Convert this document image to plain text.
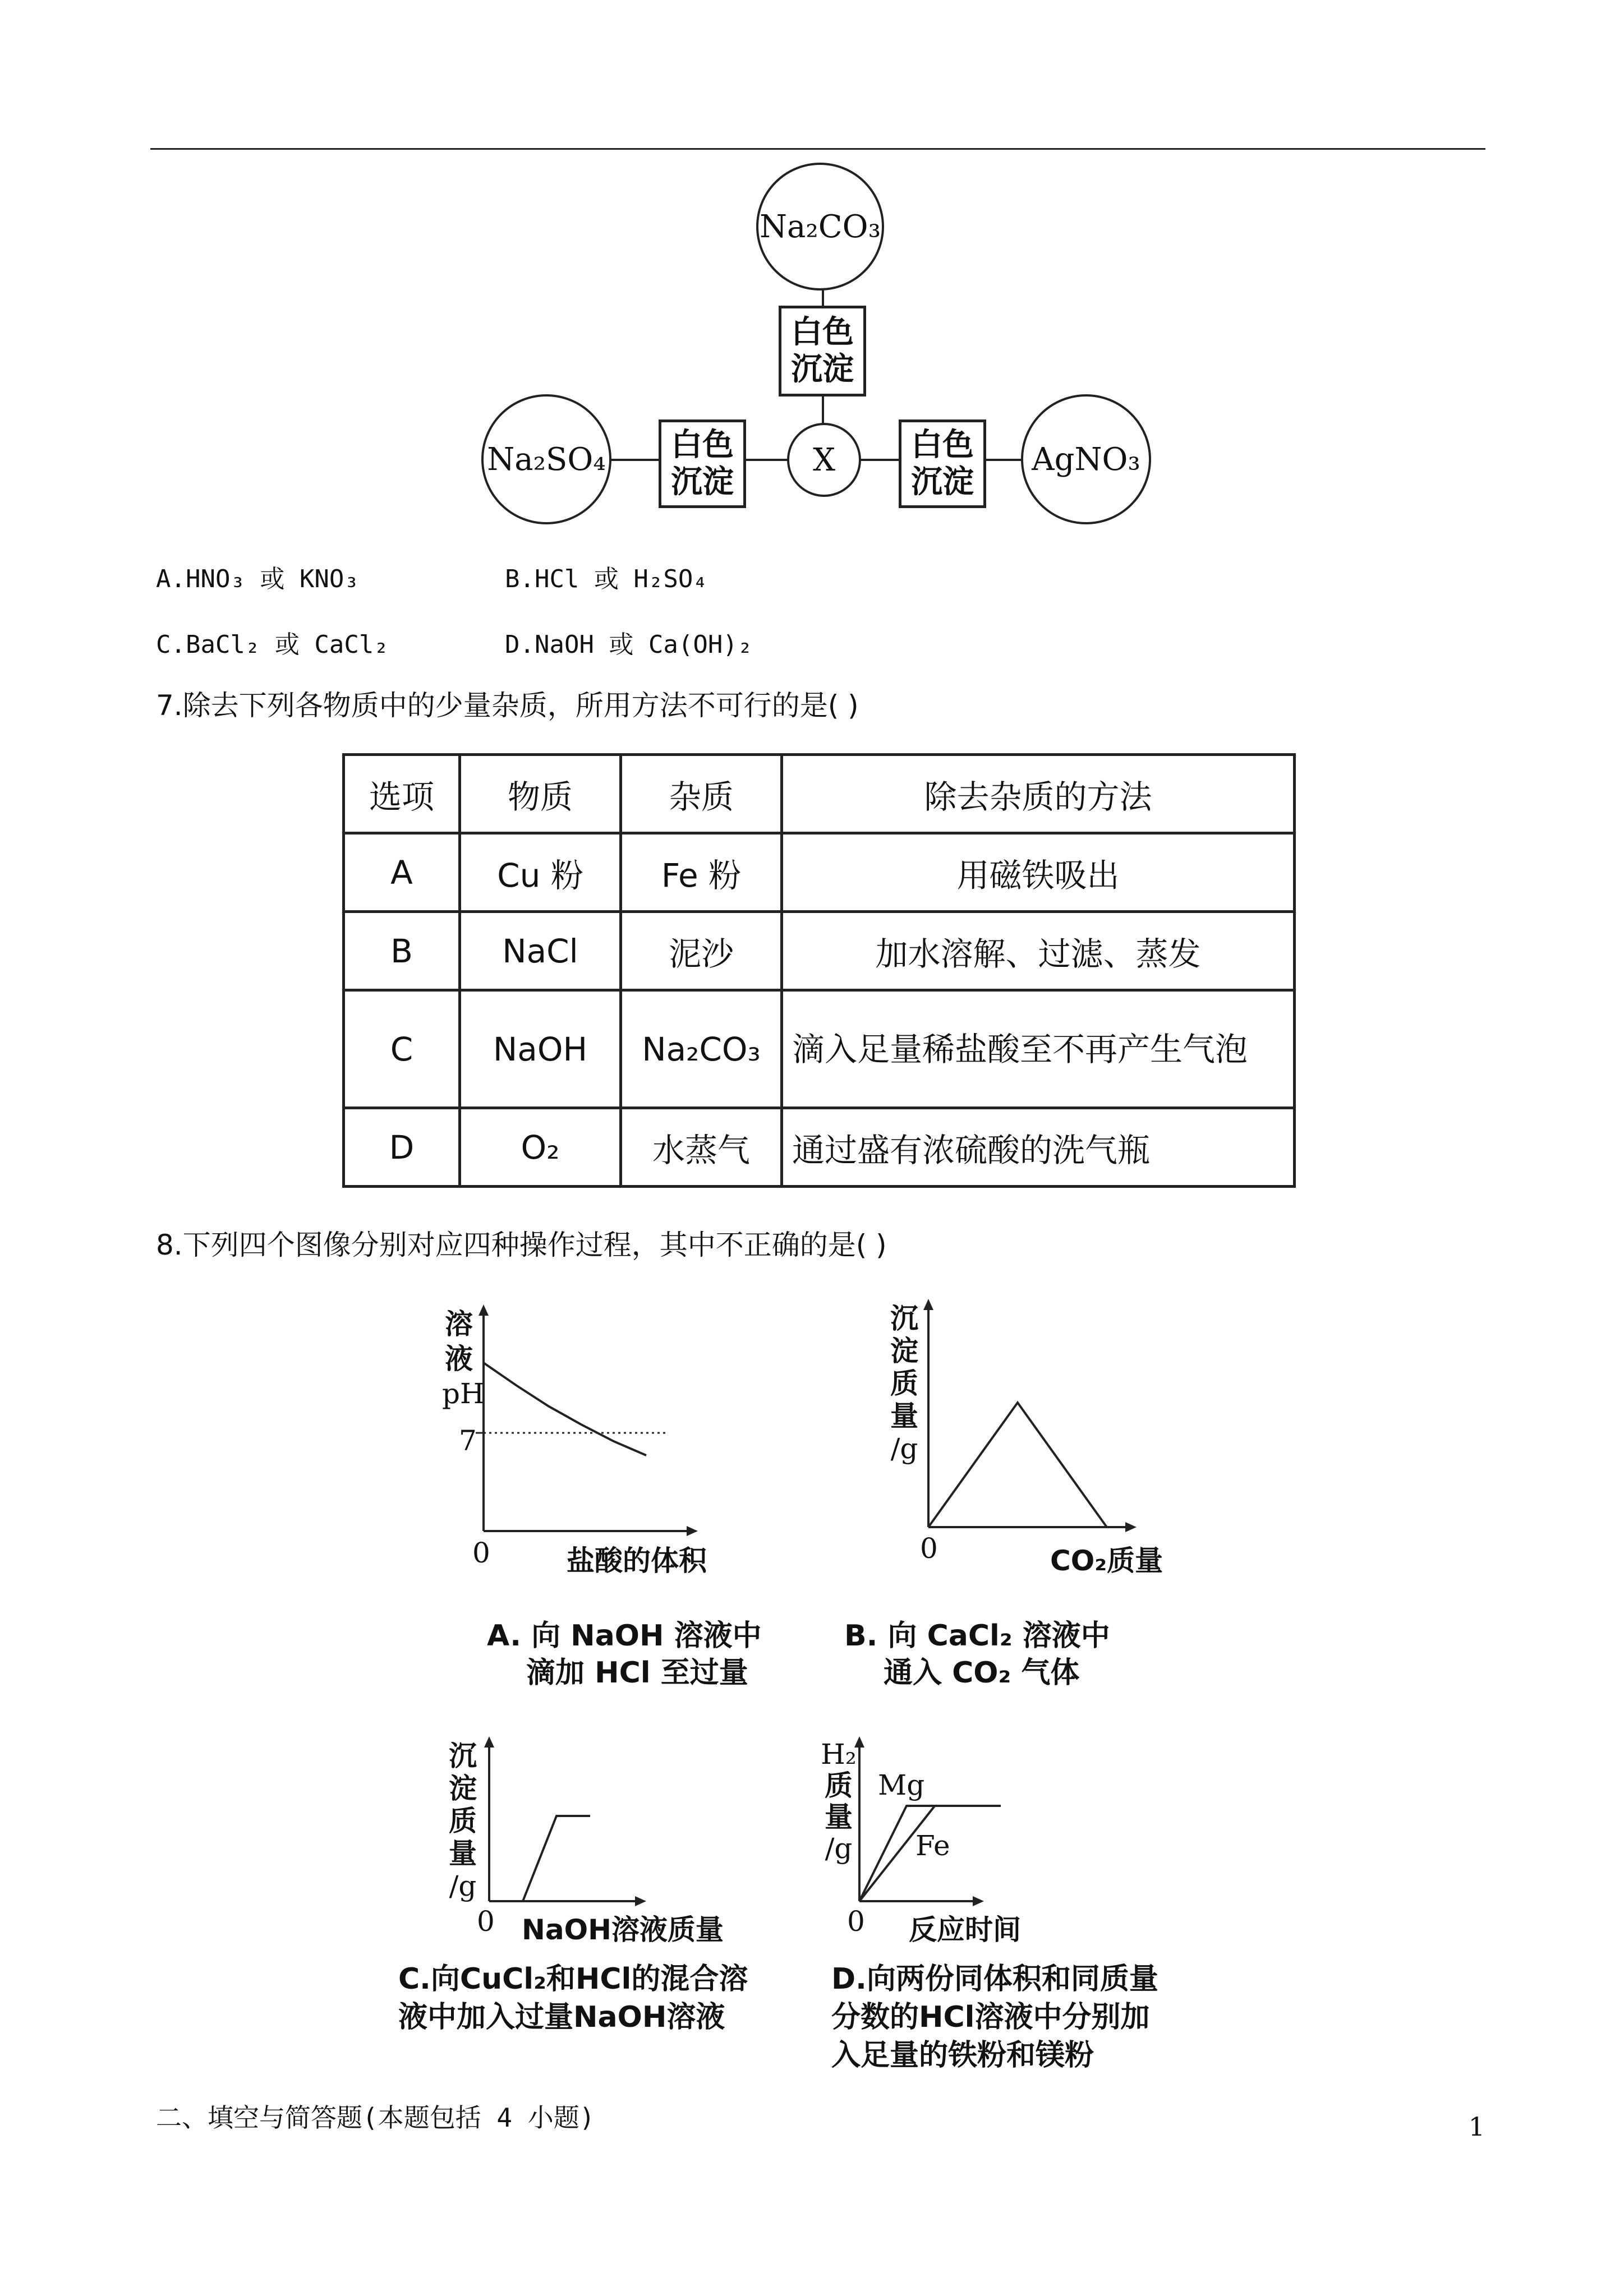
Na₂CO₃
Na₂SO₄	AgNO₃
X
白色
沉淀
白色
沉淀
白色
沉淀
A.HNO₃ 或 KNO₃	B.HCl 或 H₂SO₄
C.BaCl₂ 或 CaCl₂	D.NaOH 或 Ca(OH)₂
7.除去下列各物质中的少量杂质，所用方法不可行的是( )
选项	物质	杂质	除去杂质的方法
A	Cu 粉	Fe 粉	用磁铁吸出
B	NaCl	泥沙	加水溶解、过滤、蒸发
C	NaOH	Na₂CO₃	滴入足量稀盐酸至不再产生气泡
D	O₂	水蒸气	通过盛有浓硫酸的洗气瓶
8.下列四个图像分别对应四种操作过程，其中不正确的是( )
溶
液
pH
7
0	盐酸的体积
A. 向 NaOH 溶液中
滴加 HCl 至过量
沉
淀
质
量
/g
0	CO₂质量
B. 向 CaCl₂ 溶液中
通入 CO₂ 气体
沉
淀
质
量
/g
0 NaOH溶液质量
C.向CuCl₂和HCl的混合溶
液中加入过量NaOH溶液
H₂
质
量
/g
0 反应时间
Mg
Fe
D.向两份同体积和同质量
分数的HCl溶液中分别加
入足量的铁粉和镁粉
二、填空与简答题(本题包括 4 小题)	1
